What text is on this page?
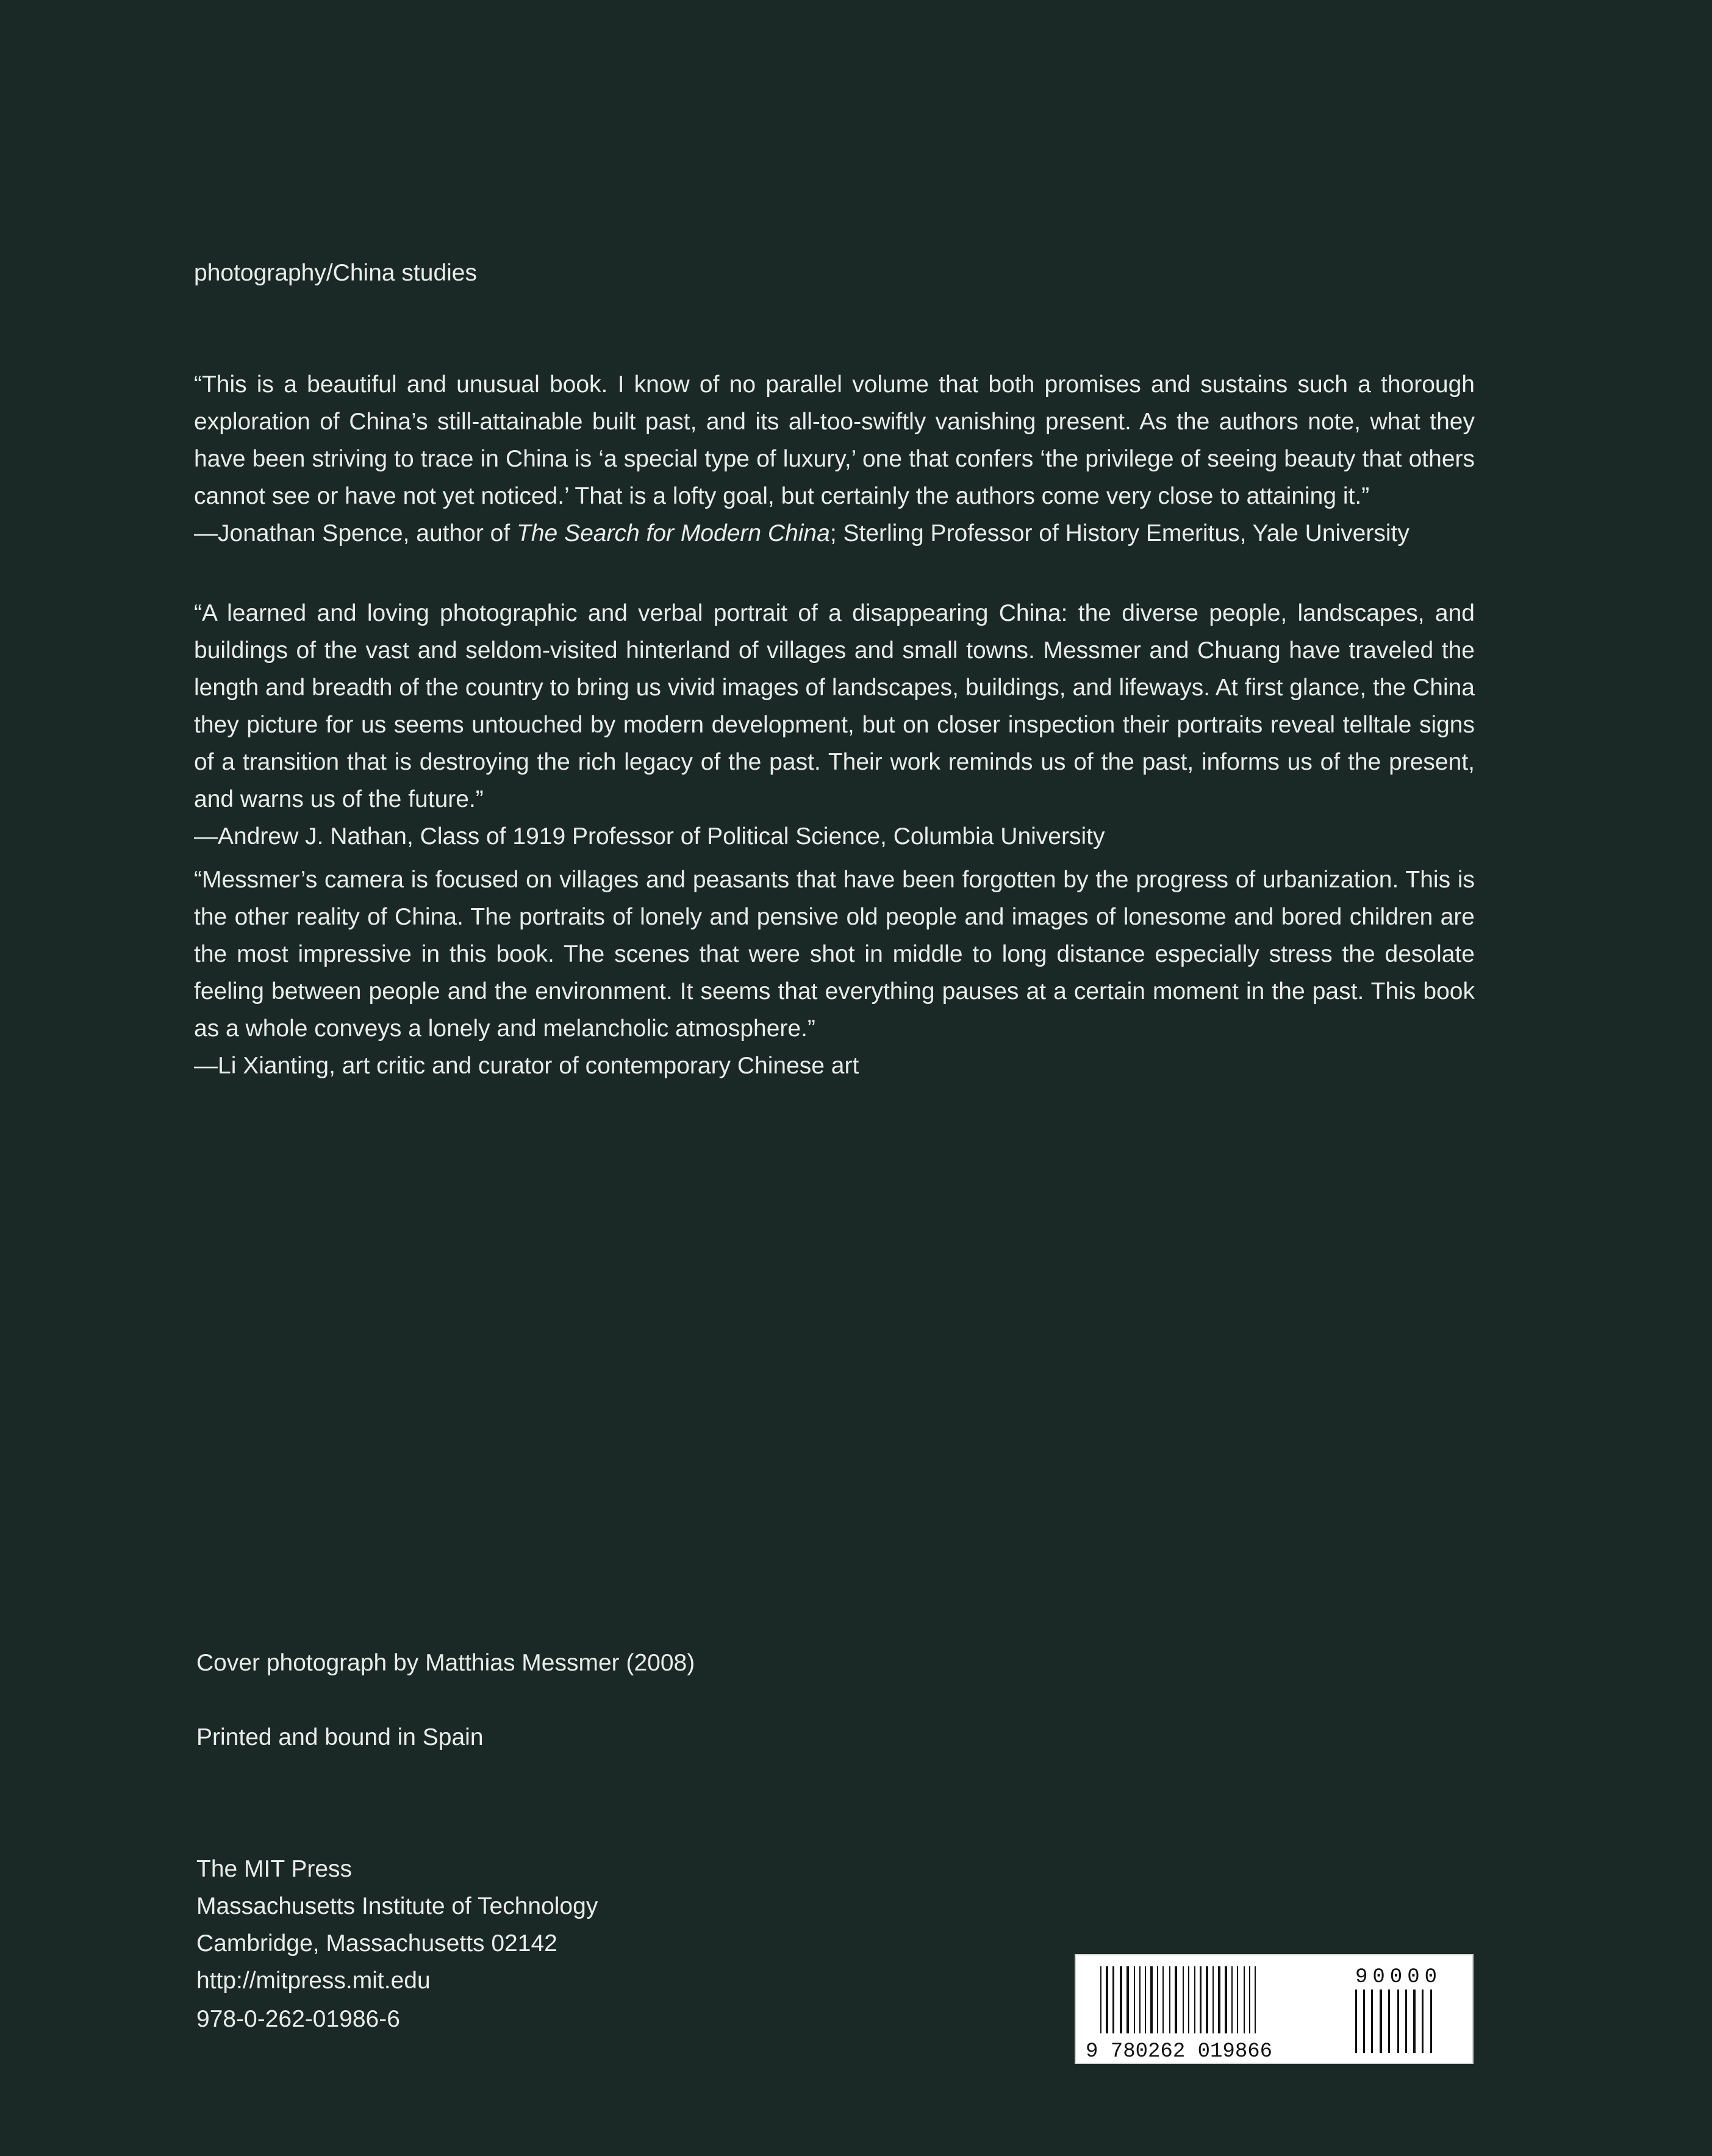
photography/China studies

“This is a beautiful and unusual book. I know of no parallel volume that both promises and sustains such a thorough exploration of China’s still-attainable built past, and its all-too-swiftly vanishing present. As the authors note, what they have been striving to trace in China is ‘a special type of luxury,’ one that confers ‘the privilege of seeing beauty that others cannot see or have not yet noticed.’ That is a lofty goal, but certainly the authors come very close to attaining it.”

—Jonathan Spence, author of The Search for Modern China; Sterling Professor of History Emeritus, Yale University

“A learned and loving photographic and verbal portrait of a disappearing China: the diverse people, landscapes, and buildings of the vast and seldom-visited hinterland of villages and small towns. Messmer and Chuang have traveled the length and breadth of the country to bring us vivid images of landscapes, buildings, and lifeways. At first glance, the China they picture for us seems untouched by modern development, but on closer inspection their portraits reveal telltale signs of a transition that is destroying the rich legacy of the past. Their work reminds us of the past, informs us of the present, and warns us of the future.”

—Andrew J. Nathan, Class of 1919 Professor of Political Science, Columbia University

“Messmer’s camera is focused on villages and peasants that have been forgotten by the progress of urbanization. This is the other reality of China. The portraits of lonely and pensive old people and images of lonesome and bored children are the most impressive in this book. The scenes that were shot in middle to long distance especially stress the desolate feeling between people and the environment. It seems that everything pauses at a certain moment in the past. This book as a whole conveys a lonely and melancholic atmosphere.”

—Li Xianting, art critic and curator of contemporary Chinese art

Cover photograph by Matthias Messmer (2008)
Printed and bound in Spain
The MIT Press
Massachusetts Institute of Technology
Cambridge, Massachusetts 02142
http://mitpress.mit.edu
978-0-262-01986-6
9 780262 019866
90000
